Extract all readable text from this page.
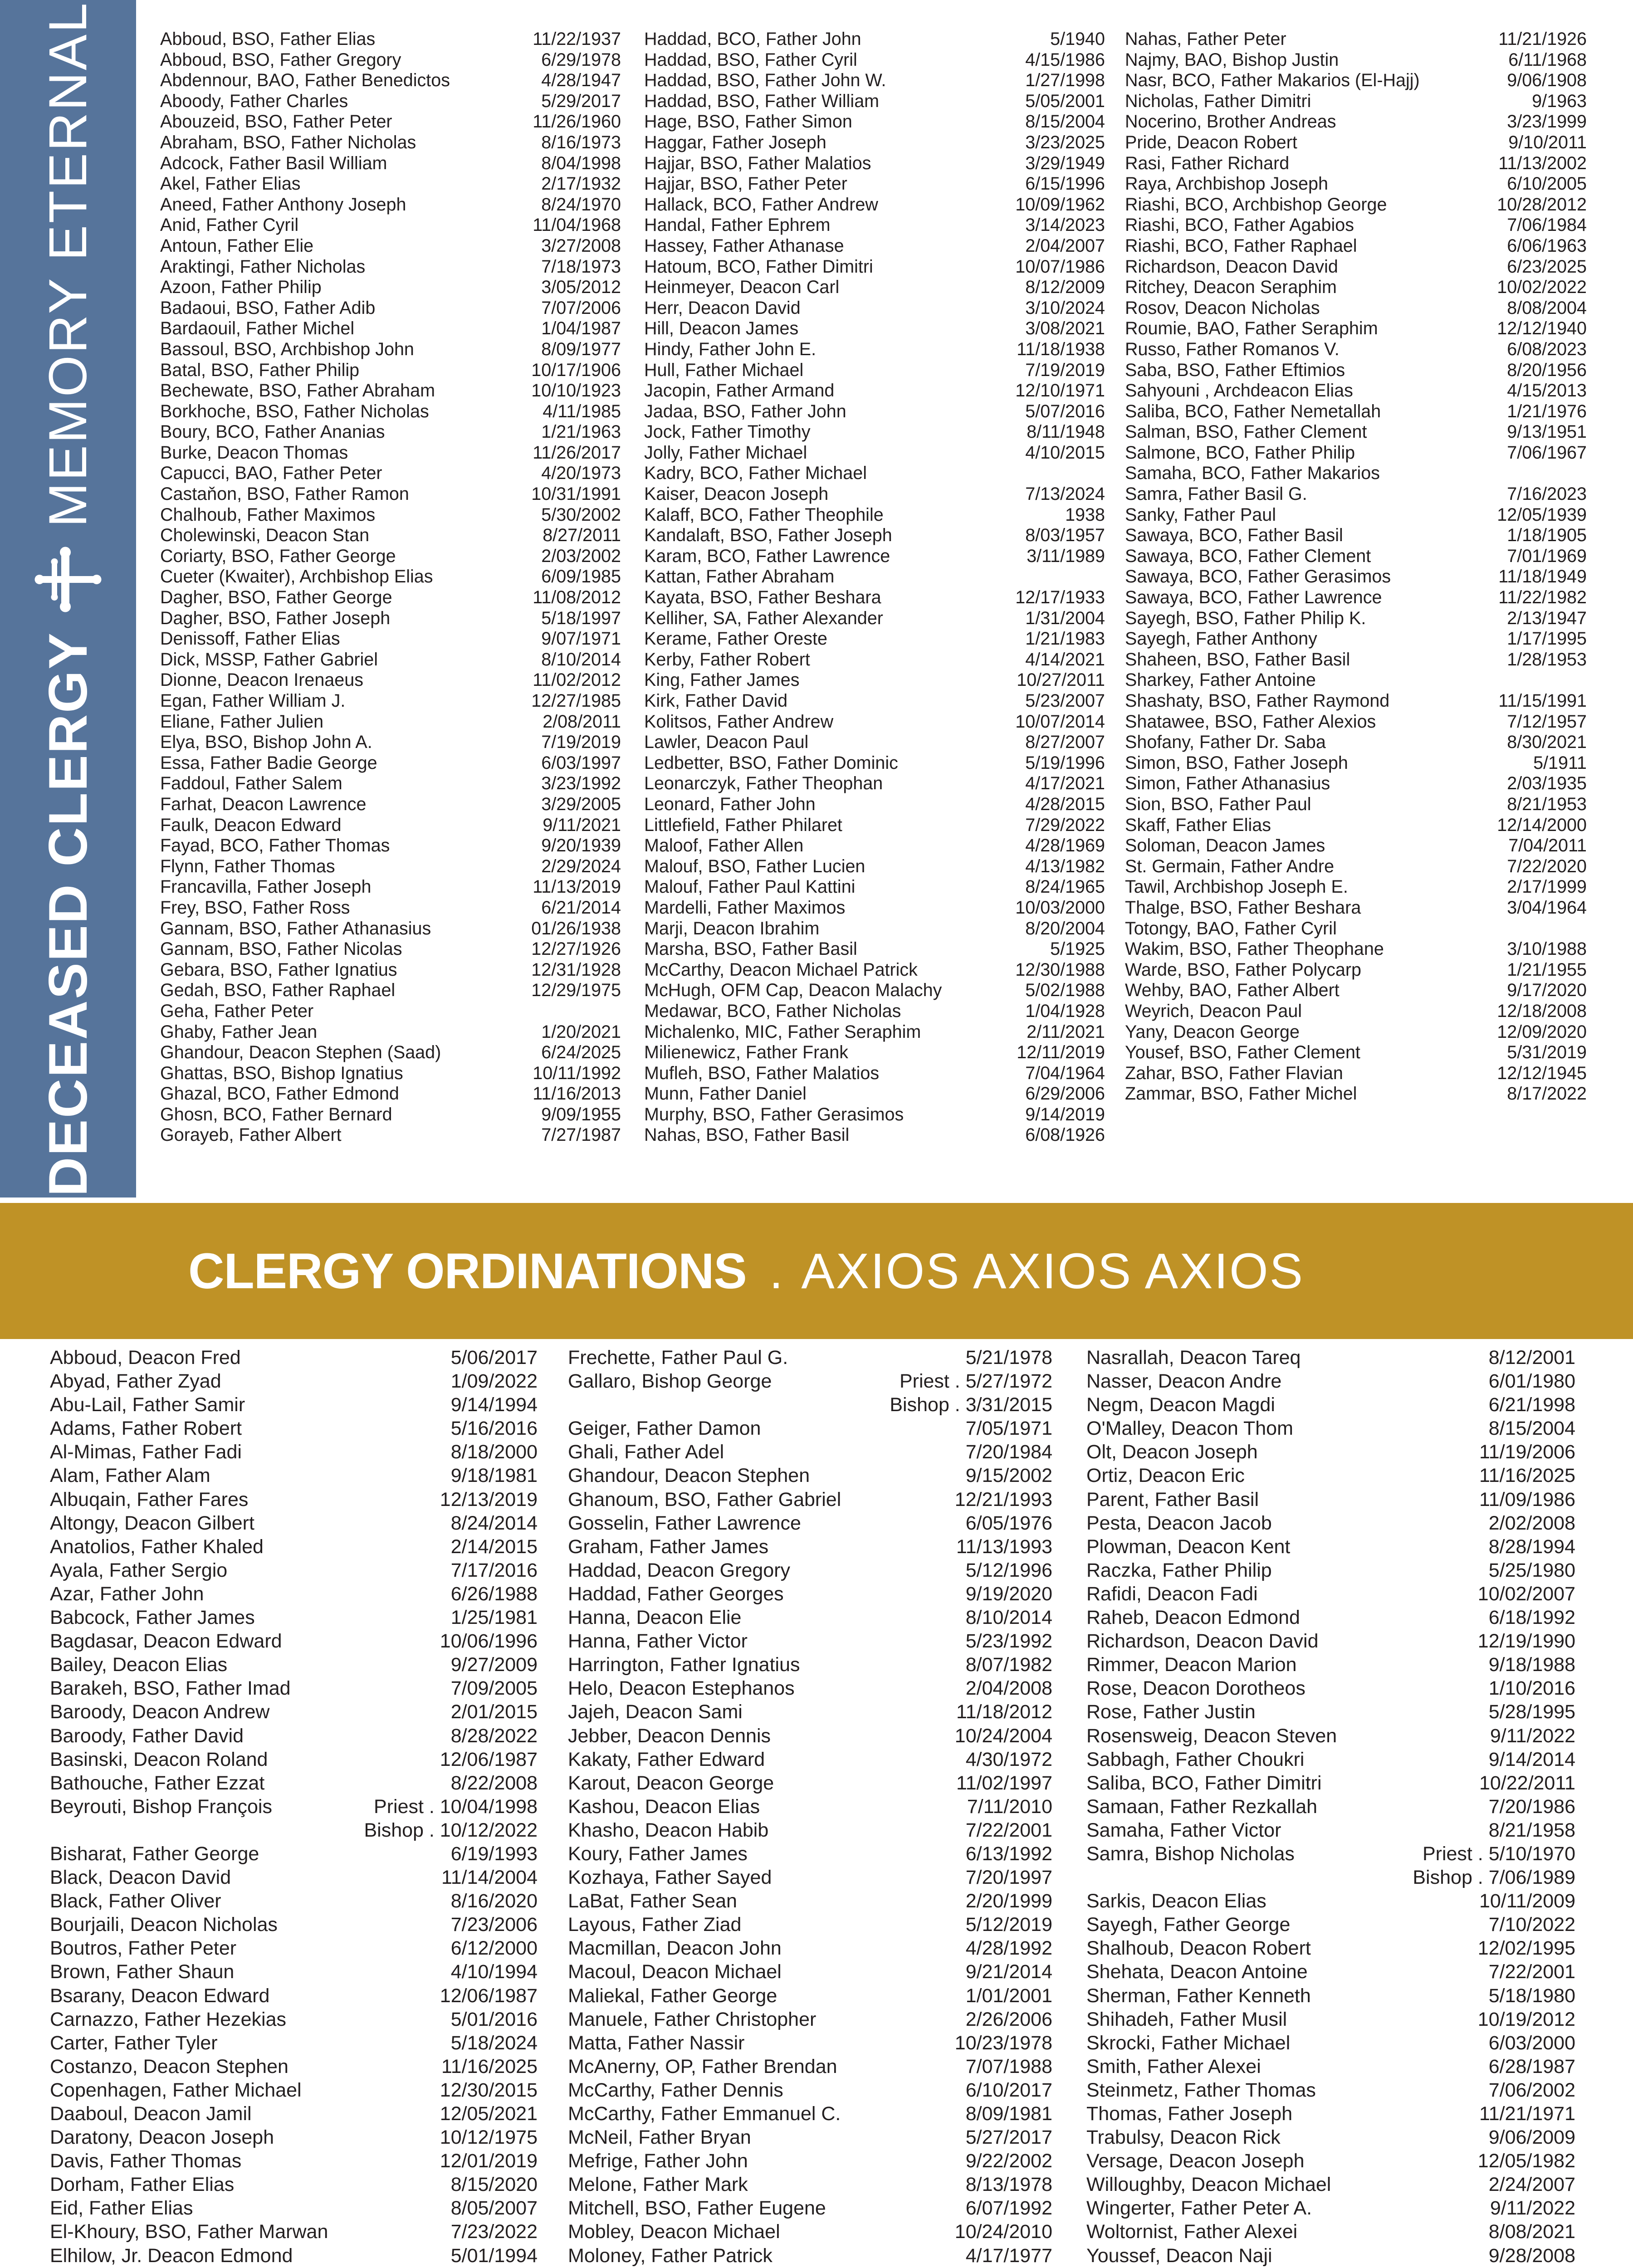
DECEASED CLERGY
MEMORY ETERNAL	Abboud, BSO, Father Elias	11/22/1937
Abboud, BSO, Father Gregory	6/29/1978
Abdennour, BAO, Father Benedictos	4/28/1947
Aboody, Father Charles	5/29/2017
Abouzeid, BSO, Father Peter	11/26/1960
Abraham, BSO, Father Nicholas	8/16/1973
Adcock, Father Basil William	8/04/1998
Akel, Father Elias	2/17/1932
Aneed, Father Anthony Joseph	8/24/1970
Anid, Father Cyril	11/04/1968
Antoun, Father Elie	3/27/2008
Araktingi, Father Nicholas	7/18/1973
Azoon, Father Philip	3/05/2012
Badaoui, BSO, Father Adib	7/07/2006
Bardaouil, Father Michel	1/04/1987
Bassoul, BSO, Archbishop John	8/09/1977
Batal, BSO, Father Philip	10/17/1906
Bechewate, BSO, Father Abraham	10/10/1923
Borkhoche, BSO, Father Nicholas	4/11/1985
Boury, BCO, Father Ananias	1/21/1963
Burke, Deacon Thomas	11/26/2017
Capucci, BAO, Father Peter	4/20/1973
Castaňon, BSO, Father Ramon	10/31/1991
Chalhoub, Father Maximos	5/30/2002
Cholewinski, Deacon Stan	8/27/2011
Coriarty, BSO, Father George	2/03/2002
Cueter (Kwaiter), Archbishop Elias	6/09/1985
Dagher, BSO, Father George	11/08/2012
Dagher, BSO, Father Joseph	5/18/1997
Denissoff, Father Elias	9/07/1971
Dick, MSSP, Father Gabriel	8/10/2014
Dionne, Deacon Irenaeus	11/02/2012
Egan, Father William J.	12/27/1985
Eliane, Father Julien	2/08/2011
Elya, BSO, Bishop John A.	7/19/2019
Essa, Father Badie George	6/03/1997
Faddoul, Father Salem	3/23/1992
Farhat, Deacon Lawrence	3/29/2005
Faulk, Deacon Edward	9/11/2021
Fayad, BCO, Father Thomas	9/20/1939
Flynn, Father Thomas	2/29/2024
Francavilla, Father Joseph	11/13/2019
Frey, BSO, Father Ross	6/21/2014
Gannam, BSO, Father Athanasius	01/26/1938
Gannam, BSO, Father Nicolas	12/27/1926
Gebara, BSO, Father Ignatius	12/31/1928
Gedah, BSO, Father Raphael	12/29/1975
Geha, Father Peter
Ghaby, Father Jean	1/20/2021
Ghandour, Deacon Stephen (Saad)	6/24/2025
Ghattas, BSO, Bishop Ignatius	10/11/1992
Ghazal, BCO, Father Edmond	11/16/2013
Ghosn, BCO, Father Bernard	9/09/1955
Gorayeb, Father Albert	7/27/1987
Haddad, BCO, Father John	5/1940
Haddad, BSO, Father Cyril	4/15/1986
Haddad, BSO, Father John W.	1/27/1998
Haddad, BSO, Father William	5/05/2001
Hage, BSO, Father Simon	8/15/2004
Haggar, Father Joseph	3/23/2025
Hajjar, BSO, Father Malatios	3/29/1949
Hajjar, BSO, Father Peter	6/15/1996
Hallack, BCO, Father Andrew	10/09/1962
Handal, Father Ephrem	3/14/2023
Hassey, Father Athanase	2/04/2007
Hatoum, BCO, Father Dimitri	10/07/1986
Heinmeyer, Deacon Carl	8/12/2009
Herr, Deacon David	3/10/2024
Hill, Deacon James	3/08/2021
Hindy, Father John E.	11/18/1938
Hull, Father Michael	7/19/2019
Jacopin, Father Armand	12/10/1971
Jadaa, BSO, Father John	5/07/2016
Jock, Father Timothy	8/11/1948
Jolly, Father Michael	4/10/2015
Kadry, BCO, Father Michael
Kaiser, Deacon Joseph	7/13/2024
Kalaff, BCO, Father Theophile	1938
Kandalaft, BSO, Father Joseph	8/03/1957
Karam, BCO, Father Lawrence	3/11/1989
Kattan, Father Abraham
Kayata, BSO, Father Beshara	12/17/1933
Kelliher, SA, Father Alexander	1/31/2004
Kerame, Father Oreste	1/21/1983
Kerby, Father Robert	4/14/2021
King, Father James	10/27/2011
Kirk, Father David	5/23/2007
Kolitsos, Father Andrew	10/07/2014
Lawler, Deacon Paul	8/27/2007
Ledbetter, BSO, Father Dominic	5/19/1996
Leonarczyk, Father Theophan	4/17/2021
Leonard, Father John	4/28/2015
Littlefield, Father Philaret	7/29/2022
Maloof, Father Allen	4/28/1969
Malouf, BSO, Father Lucien	4/13/1982
Malouf, Father Paul Kattini	8/24/1965
Mardelli, Father Maximos	10/03/2000
Marji, Deacon Ibrahim	8/20/2004
Marsha, BSO, Father Basil	5/1925
McCarthy, Deacon Michael Patrick	12/30/1988
McHugh, OFM Cap, Deacon Malachy	5/02/1988
Medawar, BCO, Father Nicholas	1/04/1928
Michalenko, MIC, Father Seraphim	2/11/2021
Milienewicz, Father Frank	12/11/2019
Mufleh, BSO, Father Malatios	7/04/1964
Munn, Father Daniel	6/29/2006
Murphy, BSO, Father Gerasimos	9/14/2019
Nahas, BSO, Father Basil	6/08/1926
Nahas, Father Peter	11/21/1926
Najmy, BAO, Bishop Justin	6/11/1968
Nasr, BCO, Father Makarios (El-Hajj)	9/06/1908
Nicholas, Father Dimitri	9/1963
Nocerino, Brother Andreas	3/23/1999
Pride, Deacon Robert	9/10/2011
Rasi, Father Richard	11/13/2002
Raya, Archbishop Joseph	6/10/2005
Riashi, BCO, Archbishop George	10/28/2012
Riashi, BCO, Father Agabios	7/06/1984
Riashi, BCO, Father Raphael	6/06/1963
Richardson, Deacon David	6/23/2025
Ritchey, Deacon Seraphim	10/02/2022
Rosov, Deacon Nicholas	8/08/2004
Roumie, BAO, Father Seraphim	12/12/1940
Russo, Father Romanos V.	6/08/2023
Saba, BSO, Father Eftimios	8/20/1956
Sahyouni , Archdeacon Elias	4/15/2013
Saliba, BCO, Father Nemetallah	1/21/1976
Salman, BSO, Father Clement	9/13/1951
Salmone, BCO, Father Philip	7/06/1967
Samaha, BCO, Father Makarios
Samra, Father Basil G.	7/16/2023
Sanky, Father Paul	12/05/1939
Sawaya, BCO, Father Basil	1/18/1905
Sawaya, BCO, Father Clement	7/01/1969
Sawaya, BCO, Father Gerasimos	11/18/1949
Sawaya, BCO, Father Lawrence	11/22/1982
Sayegh, BSO, Father Philip K.	2/13/1947
Sayegh, Father Anthony	1/17/1995
Shaheen, BSO, Father Basil	1/28/1953
Sharkey, Father Antoine
Shashaty, BSO, Father Raymond	11/15/1991
Shatawee, BSO, Father Alexios	7/12/1957
Shofany, Father Dr. Saba	8/30/2021
Simon, BSO, Father Joseph	5/1911
Simon, Father Athanasius	2/03/1935
Sion, BSO, Father Paul	8/21/1953
Skaff, Father Elias	12/14/2000
Soloman, Deacon James	7/04/2011
St. Germain, Father Andre	7/22/2020
Tawil, Archbishop Joseph E.	2/17/1999
Thalge, BSO, Father Beshara	3/04/1964
Totongy, BAO, Father Cyril
Wakim, BSO, Father Theophane	3/10/1988
Warde, BSO, Father Polycarp	1/21/1955
Wehby, BAO, Father Albert	9/17/2020
Weyrich, Deacon Paul	12/18/2008
Yany, Deacon George	12/09/2020
Yousef, BSO, Father Clement	5/31/2019
Zahar, BSO, Father Flavian	12/12/1945
Zammar, BSO, Father Michel	8/17/2022
CLERGY ORDINATIONS . AXIOS AXIOS AXIOS
Abboud, Deacon Fred	5/06/2017
Abyad, Father Zyad	1/09/2022
Abu-Lail, Father Samir	9/14/1994
Adams, Father Robert	5/16/2016
Al-Mimas, Father Fadi	8/18/2000
Alam, Father Alam	9/18/1981
Albuqain, Father Fares	12/13/2019
Altongy, Deacon Gilbert	8/24/2014
Anatolios, Father Khaled	2/14/2015
Ayala, Father Sergio	7/17/2016
Azar, Father John	6/26/1988
Babcock, Father James	1/25/1981
Bagdasar, Deacon Edward	10/06/1996
Bailey, Deacon Elias	9/27/2009
Barakeh, BSO, Father Imad	7/09/2005
Baroody, Deacon Andrew	2/01/2015
Baroody, Father David	8/28/2022
Basinski, Deacon Roland	12/06/1987
Bathouche, Father Ezzat	8/22/2008
Beyrouti, Bishop François	Priest . 10/04/1998
Bishop . 10/12/2022
Bisharat, Father George	6/19/1993
Black, Deacon David	11/14/2004
Black, Father Oliver	8/16/2020
Bourjaili, Deacon Nicholas	7/23/2006
Boutros, Father Peter	6/12/2000
Brown, Father Shaun	4/10/1994
Bsarany, Deacon Edward	12/06/1987
Carnazzo, Father Hezekias	5/01/2016
Carter, Father Tyler	5/18/2024
Costanzo, Deacon Stephen	11/16/2025
Copenhagen, Father Michael	12/30/2015
Daaboul, Deacon Jamil	12/05/2021
Daratony, Deacon Joseph	10/12/1975
Davis, Father Thomas	12/01/2019
Dorham, Father Elias	8/15/2020
Eid, Father Elias	8/05/2007
El-Khoury, BSO, Father Marwan	7/23/2022
Elhilow, Jr. Deacon Edmond	5/01/1994
Frechette, Father Paul G.	5/21/1978
Gallaro, Bishop George	Priest . 5/27/1972
Bishop . 3/31/2015
Geiger, Father Damon	7/05/1971
Ghali, Father Adel	7/20/1984
Ghandour, Deacon Stephen	9/15/2002
Ghanoum, BSO, Father Gabriel	12/21/1993
Gosselin, Father Lawrence	6/05/1976
Graham, Father James	11/13/1993
Haddad, Deacon Gregory	5/12/1996
Haddad, Father Georges	9/19/2020
Hanna, Deacon Elie	8/10/2014
Hanna, Father Victor	5/23/1992
Harrington, Father Ignatius	8/07/1982
Helo, Deacon Estephanos	2/04/2008
Jajeh, Deacon Sami	11/18/2012
Jebber, Deacon Dennis	10/24/2004
Kakaty, Father Edward	4/30/1972
Karout, Deacon George	11/02/1997
Kashou, Deacon Elias	7/11/2010
Khasho, Deacon Habib	7/22/2001
Koury, Father James	6/13/1992
Kozhaya, Father Sayed	7/20/1997
LaBat, Father Sean	2/20/1999
Layous, Father Ziad	5/12/2019
Macmillan, Deacon John	4/28/1992
Macoul, Deacon Michael	9/21/2014
Maliekal, Father George	1/01/2001
Manuele, Father Christopher	2/26/2006
Matta, Father Nassir	10/23/1978
McAnerny, OP, Father Brendan	7/07/1988
McCarthy, Father Dennis	6/10/2017
McCarthy, Father Emmanuel C.	8/09/1981
McNeil, Father Bryan	5/27/2017
Mefrige, Father John	9/22/2002
Melone, Father Mark	8/13/1978
Mitchell, BSO, Father Eugene	6/07/1992
Mobley, Deacon Michael	10/24/2010
Moloney, Father Patrick	4/17/1977
Nasrallah, Deacon Tareq	8/12/2001
Nasser, Deacon Andre	6/01/1980
Negm, Deacon Magdi	6/21/1998
O'Malley, Deacon Thom	8/15/2004
Olt, Deacon Joseph	11/19/2006
Ortiz, Deacon Eric	11/16/2025
Parent, Father Basil	11/09/1986
Pesta, Deacon Jacob	2/02/2008
Plowman, Deacon Kent	8/28/1994
Raczka, Father Philip	5/25/1980
Rafidi, Deacon Fadi	10/02/2007
Raheb, Deacon Edmond	6/18/1992
Richardson, Deacon David	12/19/1990
Rimmer, Deacon Marion	9/18/1988
Rose, Deacon Dorotheos	1/10/2016
Rose, Father Justin	5/28/1995
Rosensweig, Deacon Steven	9/11/2022
Sabbagh, Father Choukri	9/14/2014
Saliba, BCO, Father Dimitri	10/22/2011
Samaan, Father Rezkallah	7/20/1986
Samaha, Father Victor	8/21/1958
Samra, Bishop Nicholas	Priest . 5/10/1970
Bishop . 7/06/1989
Sarkis, Deacon Elias	10/11/2009
Sayegh, Father George	7/10/2022
Shalhoub, Deacon Robert	12/02/1995
Shehata, Deacon Antoine	7/22/2001
Sherman, Father Kenneth	5/18/1980
Shihadeh, Father Musil	10/19/2012
Skrocki, Father Michael	6/03/2000
Smith, Father Alexei	6/28/1987
Steinmetz, Father Thomas	7/06/2002
Thomas, Father Joseph	11/21/1971
Trabulsy, Deacon Rick	9/06/2009
Versage, Deacon Joseph	12/05/1982
Willoughby, Deacon Michael	2/24/2007
Wingerter, Father Peter A.	9/11/2022
Woltornist, Father Alexei	8/08/2021
Youssef, Deacon Naji	9/28/2008
